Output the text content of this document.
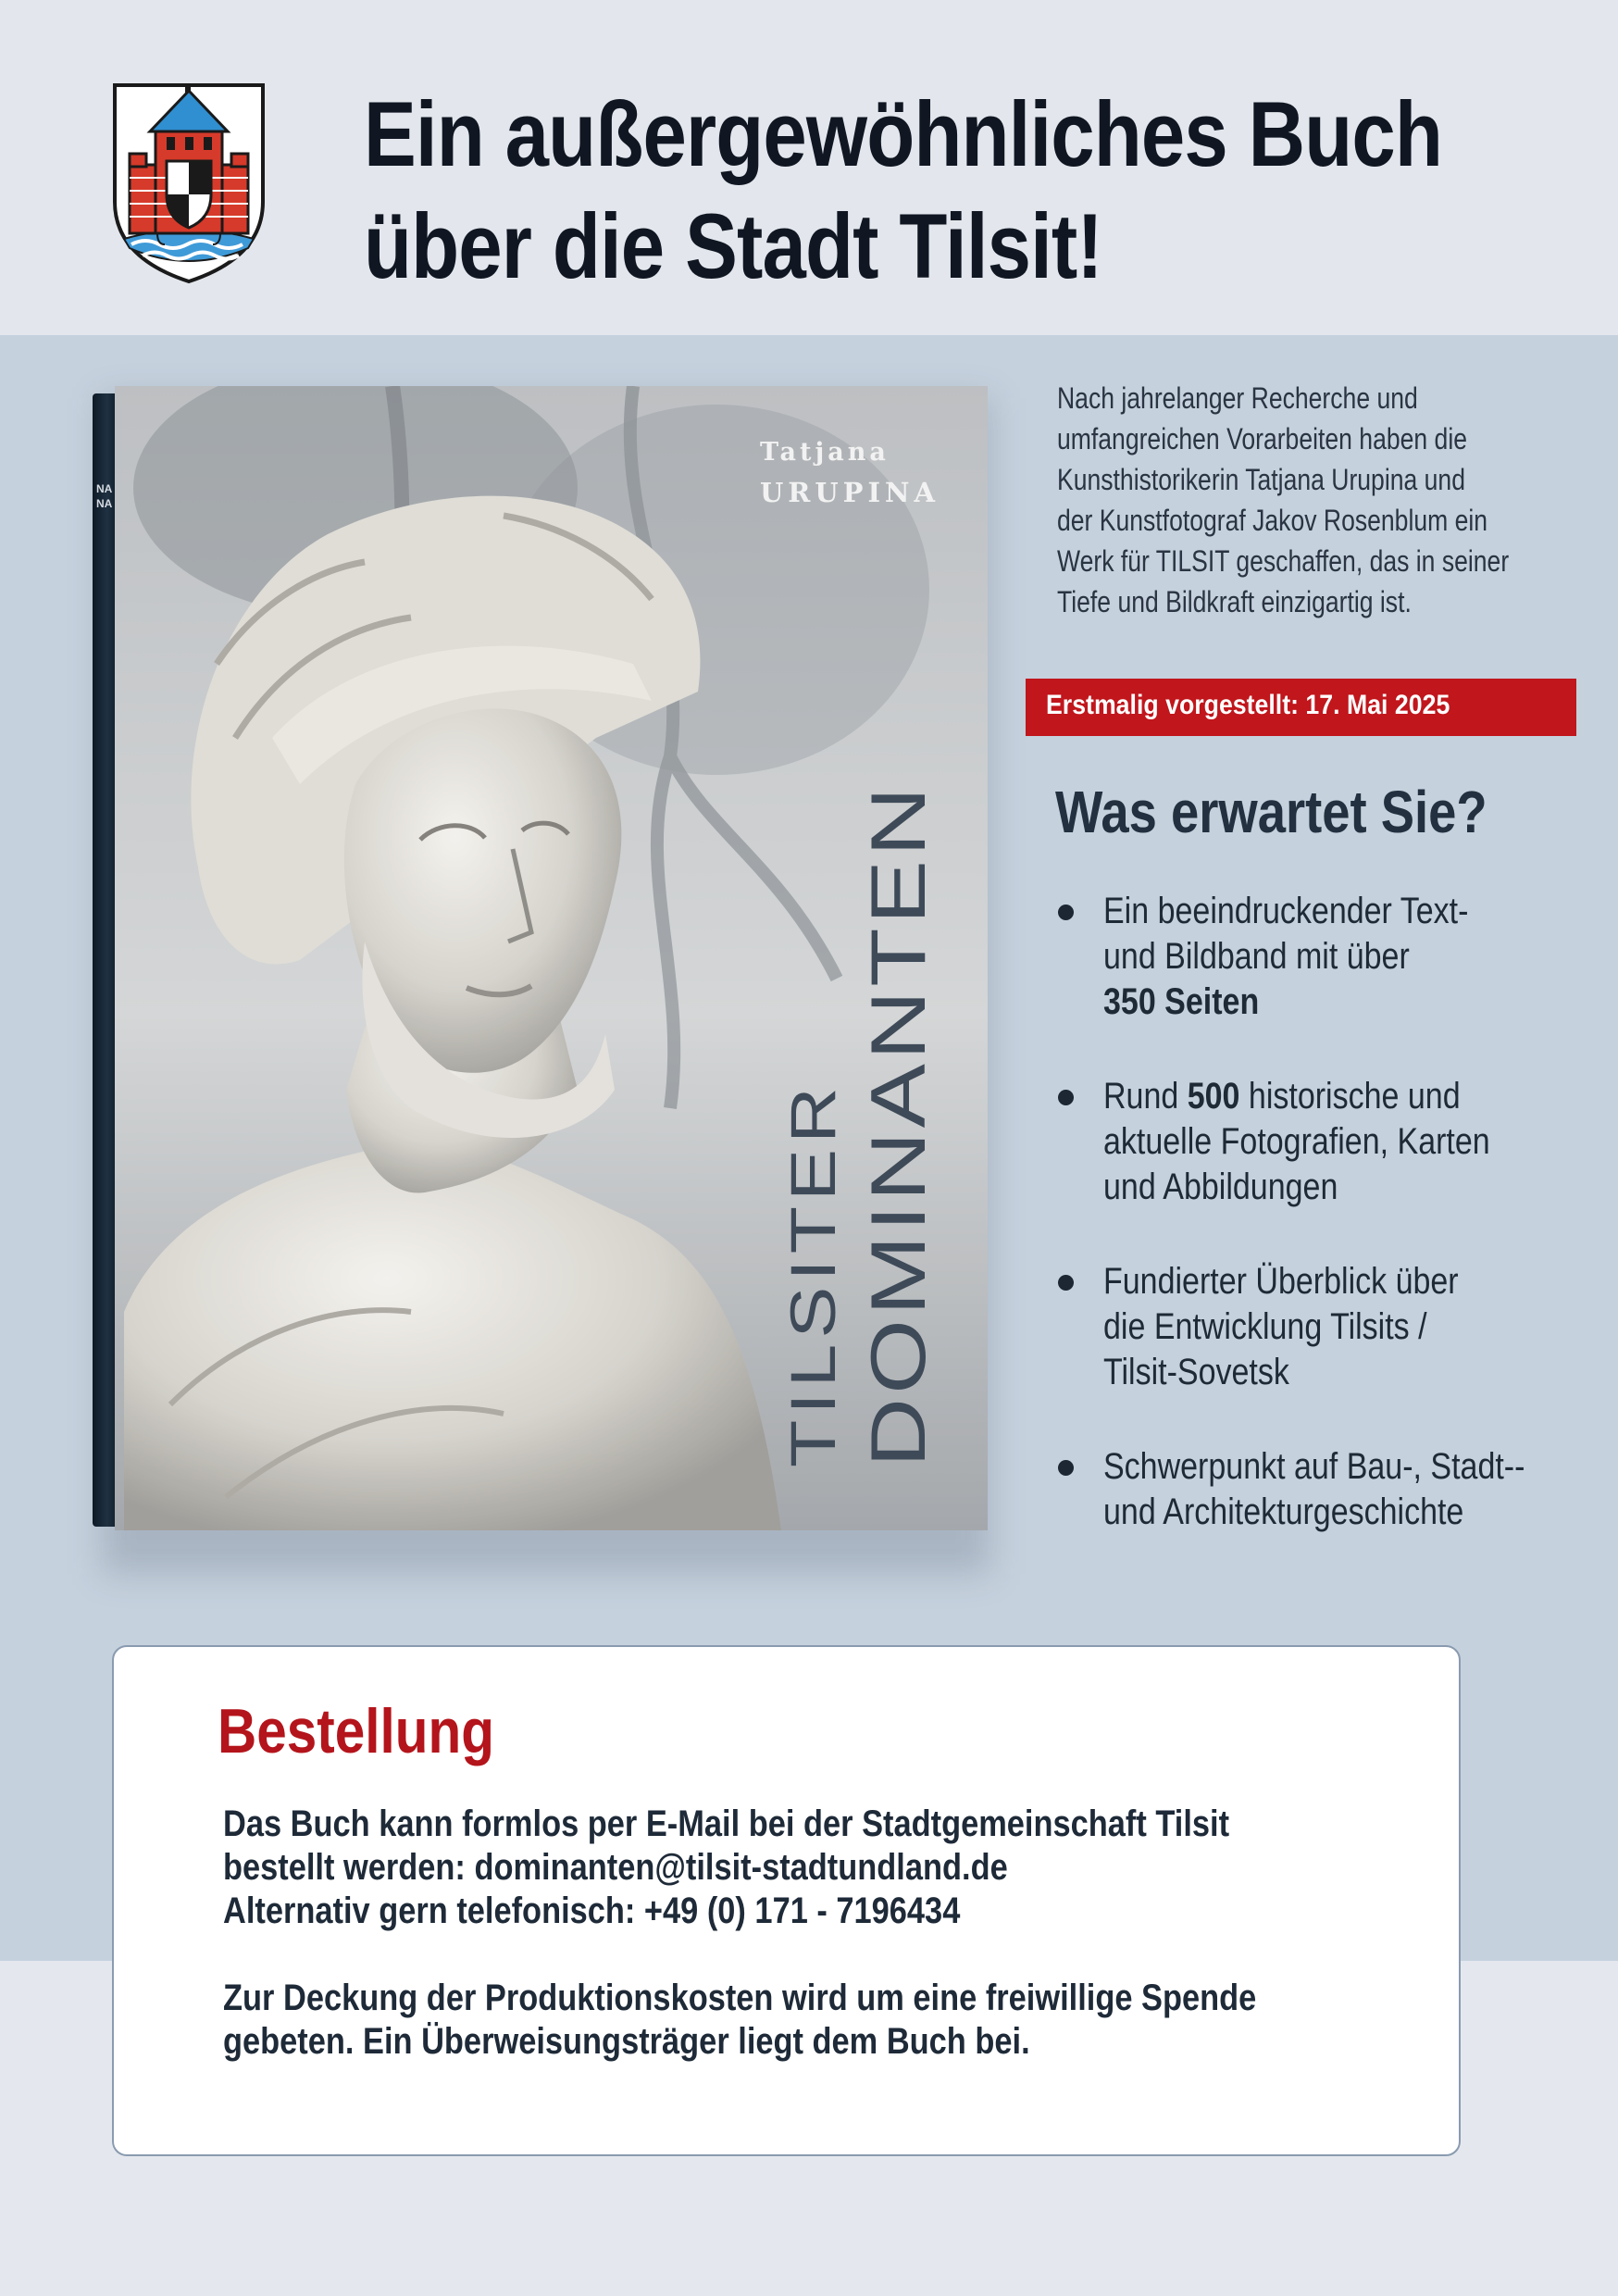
Ein außergewöhnliches Buch
über die Stadt Tilsit!
NA
NA
Tatjana
URUPINA
TILSITER DOMINANTEN
Nach jahrelanger Recherche und
umfangreichen Vorarbeiten haben die
Kunsthistorikerin Tatjana Urupina und
der Kunstfotograf Jakov Rosenblum ein
Werk für TILSIT geschaffen, das in seiner
Tiefe und Bildkraft einzigartig ist.
Erstmalig vorgestellt: 17. Mai 2025
Was erwartet Sie?
Ein beeindruckender Text-
und Bildband mit über
350 Seiten
Rund 500 historische und
aktuelle Fotografien, Karten
und Abbildungen
Fundierter Überblick über
die Entwicklung Tilsits /
Tilsit-Sovetsk
Schwerpunkt auf Bau-, Stadt--
und Architekturgeschichte
Bestellung

Das Buch kann formlos per E-Mail bei der Stadtgemeinschaft Tilsit

bestellt werden: dominanten@tilsit-stadtundland.de

Alternativ gern telefonisch: +49 (0) 171 - 7196434

Zur Deckung der Produktionskosten wird um eine freiwillige Spende

gebeten. Ein Überweisungsträger liegt dem Buch bei.
